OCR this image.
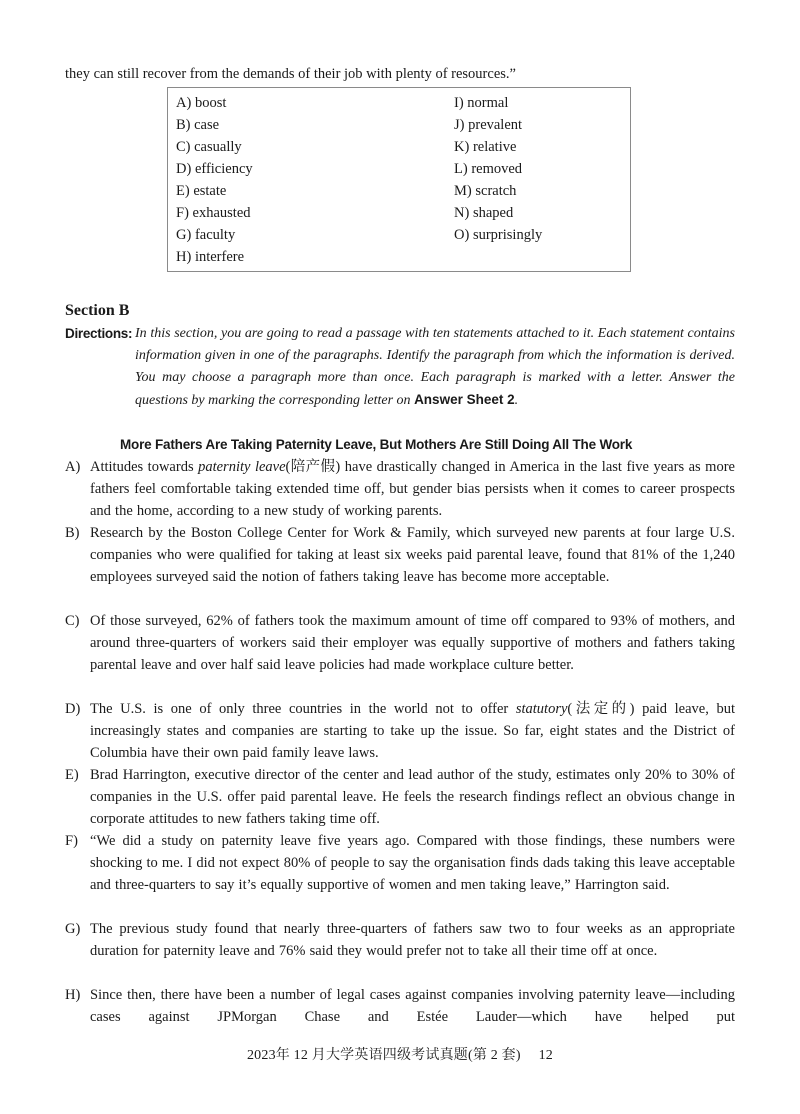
they can still recover from the demands of their job with plenty of resources.”
A) boost
B) case
C) casually
D) efficiency
E) estate
F) exhausted
G) faculty
H) interfere
I) normal
J) prevalent
K) relative
L) removed
M) scratch
N) shaped
O) surprisingly
Section B
Directions: In this section, you are going to read a passage with ten statements attached to it. Each statement contains information given in one of the paragraphs. Identify the paragraph from which the information is derived. You may choose a paragraph more than once. Each paragraph is marked with a letter. Answer the questions by marking the corresponding letter on Answer Sheet 2.
More Fathers Are Taking Paternity Leave, But Mothers Are Still Doing All The Work
A) Attitudes towards paternity leave(陪产假) have drastically changed in America in the last five years as more fathers feel comfortable taking extended time off, but gender bias persists when it comes to career prospects and the home, according to a new study of working parents.
B) Research by the Boston College Center for Work & Family, which surveyed new parents at four large U.S. companies who were qualified for taking at least six weeks paid parental leave, found that 81% of the 1,240 employees surveyed said the notion of fathers taking leave has become more acceptable.
C) Of those surveyed, 62% of fathers took the maximum amount of time off compared to 93% of mothers, and around three-quarters of workers said their employer was equally supportive of mothers and fathers taking parental leave and over half said leave policies had made workplace culture better.
D) The U.S. is one of only three countries in the world not to offer statutory(法定的) paid leave, but increasingly states and companies are starting to take up the issue. So far, eight states and the District of Columbia have their own paid family leave laws.
E) Brad Harrington, executive director of the center and lead author of the study, estimates only 20% to 30% of companies in the U.S. offer paid parental leave. He feels the research findings reflect an obvious change in corporate attitudes to new fathers taking time off.
F) “We did a study on paternity leave five years ago. Compared with those findings, these numbers were shocking to me. I did not expect 80% of people to say the organisation finds dads taking this leave acceptable and three-quarters to say it’s equally supportive of women and men taking leave,” Harrington said.
G) The previous study found that nearly three-quarters of fathers saw two to four weeks as an appropriate duration for paternity leave and 76% said they would prefer not to take all their time off at once.
H) Since then, there have been a number of legal cases against companies involving paternity leave—including cases against JPMorgan Chase and Estée Lauder—which have helped put
2023年 12 月大学英语四级考试真题(第 2 套)　 12
